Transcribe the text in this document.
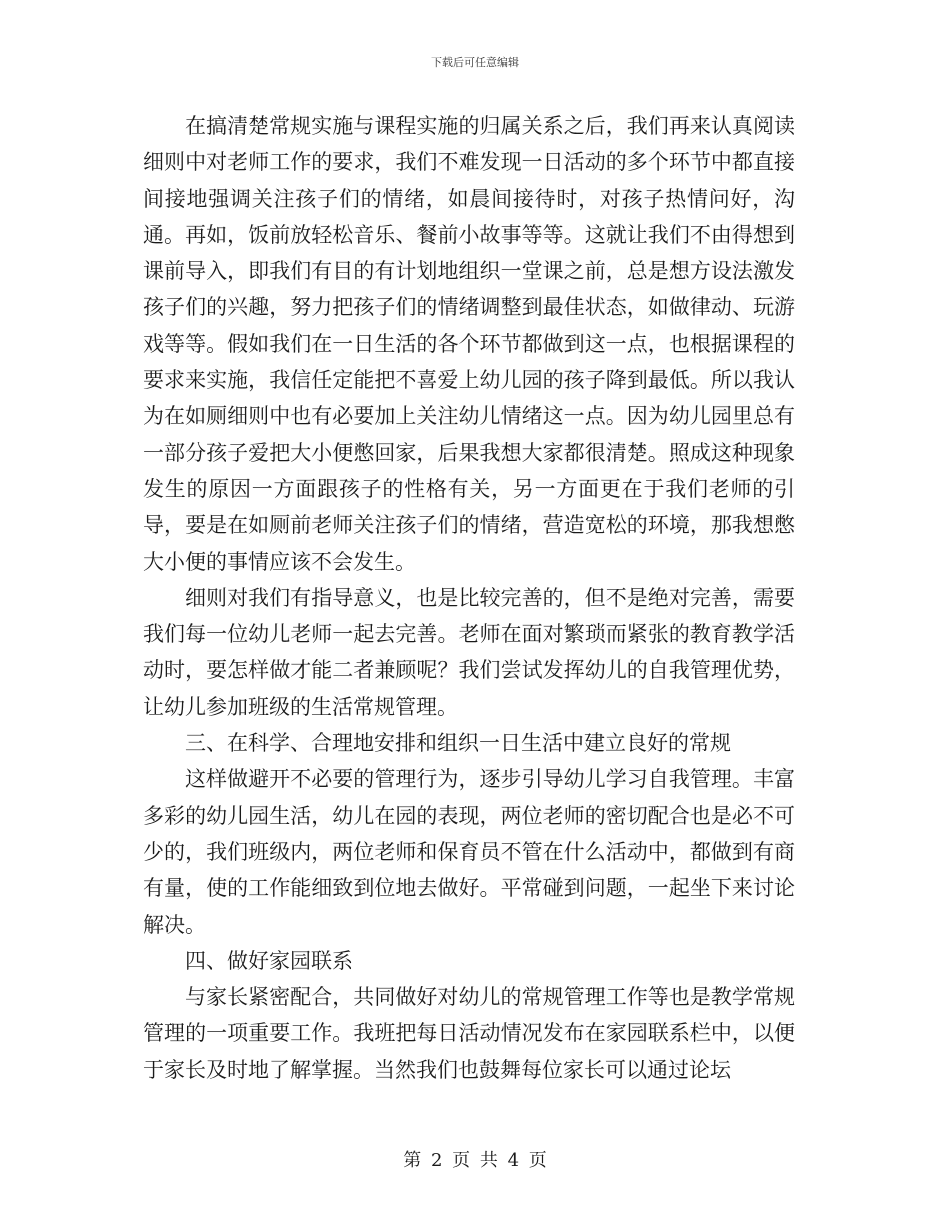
下载后可任意编辑

在搞清楚常规实施与课程实施的归属关系之后，我们再来认真阅读细则中对老师工作的要求，我们不难发现一日活动的多个环节中都直接间接地强调关注孩子们的情绪，如晨间接待时，对孩子热情问好，沟通。再如，饭前放轻松音乐、餐前小故事等等。这就让我们不由得想到课前导入，即我们有目的有计划地组织一堂课之前，总是想方设法激发孩子们的兴趣，努力把孩子们的情绪调整到最佳状态，如做律动、玩游戏等等。假如我们在一日生活的各个环节都做到这一点，也根据课程的要求来实施，我信任定能把不喜爱上幼儿园的孩子降到最低。所以我认为在如厕细则中也有必要加上关注幼儿情绪这一点。因为幼儿园里总有一部分孩子爱把大小便憋回家，后果我想大家都很清楚。照成这种现象发生的原因一方面跟孩子的性格有关，另一方面更在于我们老师的引导，要是在如厕前老师关注孩子们的情绪，营造宽松的环境，那我想憋大小便的事情应该不会发生。

细则对我们有指导意义，也是比较完善的，但不是绝对完善，需要我们每一位幼儿老师一起去完善。老师在面对繁琐而紧张的教育教学活动时，要怎样做才能二者兼顾呢？我们尝试发挥幼儿的自我管理优势，让幼儿参加班级的生活常规管理。

三、在科学、合理地安排和组织一日生活中建立良好的常规

这样做避开不必要的管理行为，逐步引导幼儿学习自我管理。丰富多彩的幼儿园生活，幼儿在园的表现，两位老师的密切配合也是必不可少的，我们班级内，两位老师和保育员不管在什么活动中，都做到有商有量，使的工作能细致到位地去做好。平常碰到问题，一起坐下来讨论解决。

四、做好家园联系

与家长紧密配合，共同做好对幼儿的常规管理工作等也是教学常规管理的一项重要工作。我班把每日活动情况发布在家园联系栏中，以便于家长及时地了解掌握。当然我们也鼓舞每位家长可以通过论坛

第 2 页 共 4 页
